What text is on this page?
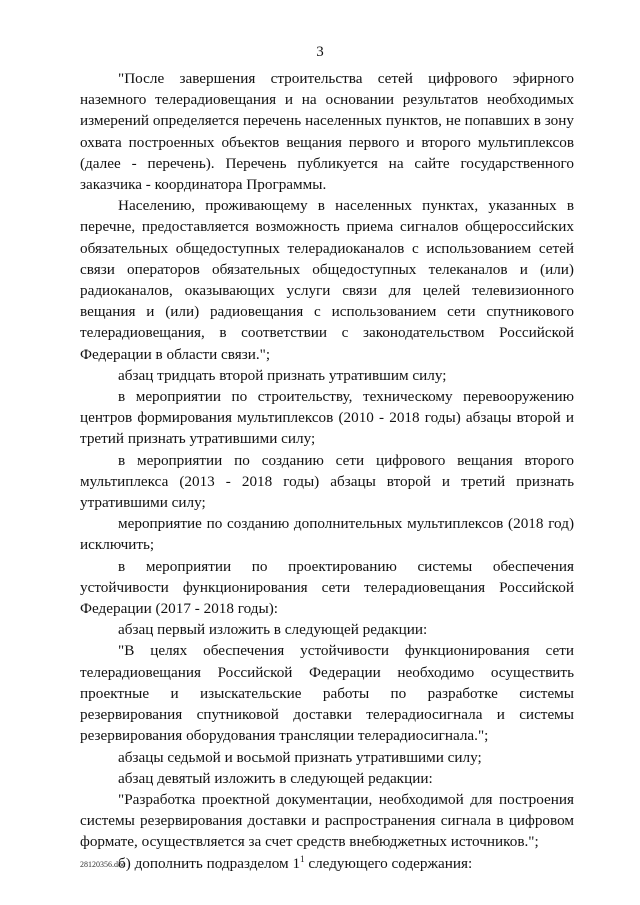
3

"После завершения строительства сетей цифрового эфирного наземного телерадиовещания и на основании результатов необходимых измерений определяется перечень населенных пунктов, не попавших в зону охвата построенных объектов вещания первого и второго мультиплексов (далее - перечень). Перечень публикуется на сайте государственного заказчика - координатора Программы.

Населению, проживающему в населенных пунктах, указанных в перечне, предоставляется возможность приема сигналов общероссийских обязательных общедоступных телерадиоканалов с использованием сетей связи операторов обязательных общедоступных телеканалов и (или) радиоканалов, оказывающих услуги связи для целей телевизионного вещания и (или) радиовещания с использованием сети спутникового телерадиовещания, в соответствии с законодательством Российской Федерации в области связи.";

абзац тридцать второй признать утратившим силу;

в мероприятии по строительству, техническому перевооружению центров формирования мультиплексов (2010 - 2018 годы) абзацы второй и третий признать утратившими силу;

в мероприятии по созданию сети цифрового вещания второго мультиплекса (2013 - 2018 годы) абзацы второй и третий признать утратившими силу;

мероприятие по созданию дополнительных мультиплексов (2018 год) исключить;

в мероприятии по проектированию системы обеспечения устойчивости функционирования сети телерадиовещания Российской Федерации (2017 - 2018 годы):

абзац первый изложить в следующей редакции:

"В целях обеспечения устойчивости функционирования сети телерадиовещания Российской Федерации необходимо осуществить проектные и изыскательские работы по разработке системы резервирования спутниковой доставки телерадиосигнала и системы резервирования оборудования трансляции телерадиосигнала.";

абзацы седьмой и восьмой признать утратившими силу;

абзац девятый изложить в следующей редакции:

"Разработка проектной документации, необходимой для построения системы резервирования доставки и распространения сигнала в цифровом формате, осуществляется за счет средств внебюджетных источников.";

б) дополнить подразделом $1^1$ следующего содержания:

28120356.doc
